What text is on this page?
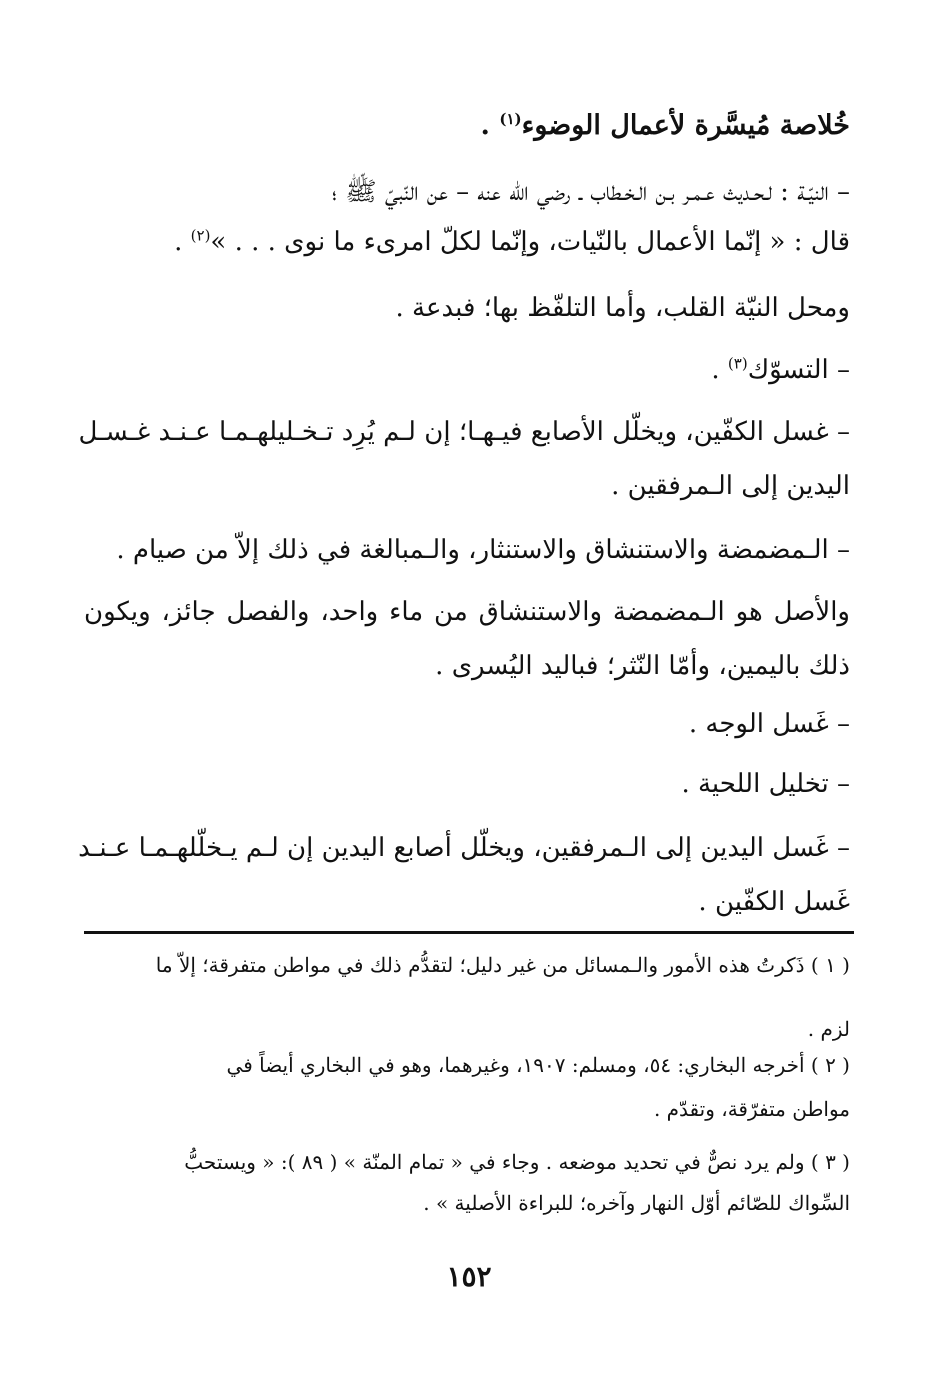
خُلاصة مُيسَّرة لأعمال الوضوء$^{(١)}$ .
– النيّـة : لـحـديث عـمـر بـن الـخـطاب ـ رضي الله عنه – عن النّبيّ ﷺ ؛
قال : « إنّما الأعمال بالنّيات، وإنّما لكلّ امرىء ما نوى . . . »$^{(٢)}$ .
ومحل النيّة القلب، وأما التلفّظ بها؛ فبدعة .
– التسوّك$^{(٣)}$ .
– غسل الكفّين، ويخلّل الأصابع فيـهـا؛ إن لـم يُرِد تـخـليلهـمـا عـنـد غـسـل
اليدين إلى الـمرفقين .
– الـمضمضة والاستنشاق والاستنثار، والـمبالغة في ذلك إلاّ من صيام .
والأصل هو الـمضمضة والاستنشاق من ماء واحد، والفصل جائز، ويكون
ذلك باليمين، وأمّا النّثر؛ فباليد اليُسرى .
– غَسل الوجه .
– تخليل اللحية .
– غَسل اليدين إلى الـمرفقين، ويخلّل أصابع اليدين إن لـم يـخلّلهـمـا عـنـد
غَسل الكفّين .
( ١ ) ذَكرتُ هذه الأمور والـمسائل من غير دليل؛ لتقدُّم ذلك في مواطن متفرقة؛ إلاّ ما
لزم .
( ٢ ) أخرجه البخاري: ٥٤، ومسلم: ١٩٠٧، وغيرهما، وهو في البخاري أيضاً في
مواطن متفرّقة، وتقدّم .
( ٣ ) ولم يرد نصٌّ في تحديد موضعه . وجاء في « تمام المنّة » ( ٨٩ ): « ويستحبُّ
السِّواك للصّائم أوّل النهار وآخره؛ للبراءة الأصلية » .
١٥٢
